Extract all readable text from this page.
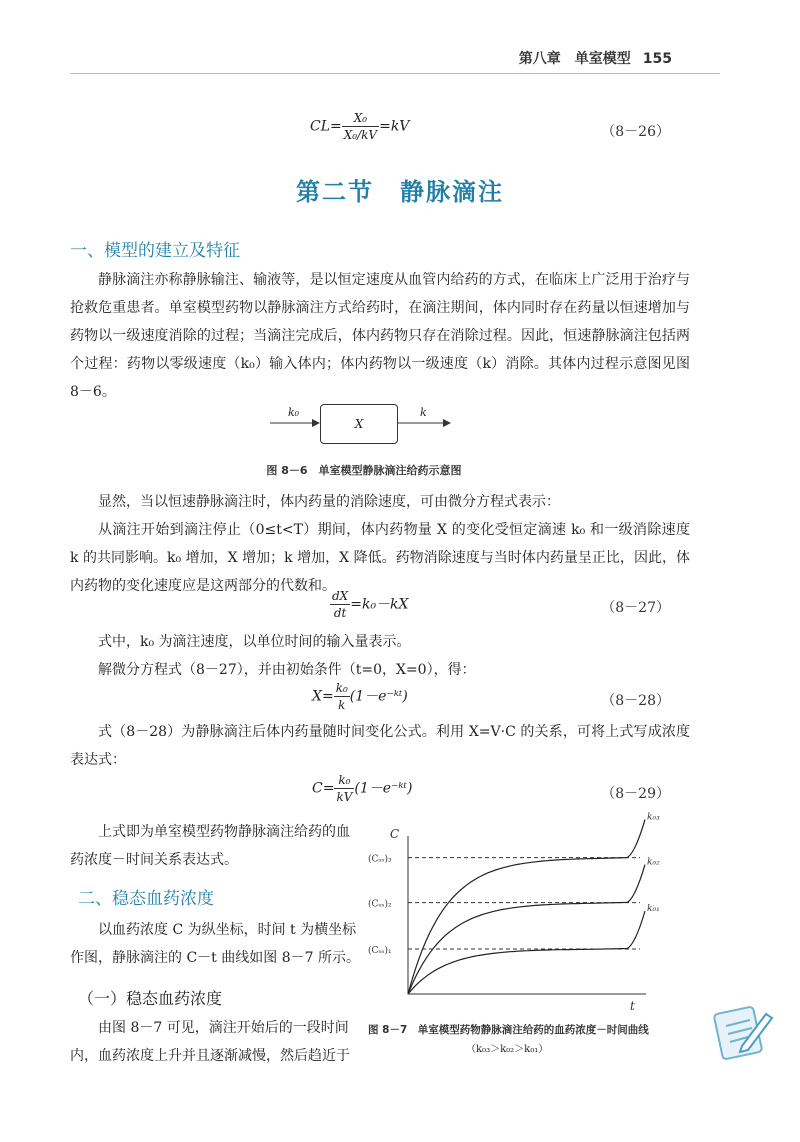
第八章　单室模型 155
$CL= \frac{\text{X₀}}{\text{X₀/kV}} =kV$	（8－26）
第二节　静脉滴注
一、模型的建立及特征

静脉滴注亦称静脉输注、输液等，是以恒定速度从血管内给药的方式，在临床上广泛用于治疗与抢救危重患者。单室模型药物以静脉滴注方式给药时，在滴注期间，体内同时存在药量以恒速增加与药物以一级速度消除的过程；当滴注完成后，体内药物只存在消除过程。因此，恒速静脉滴注包括两个过程：药物以零级速度（k₀）输入体内；体内药物以一级速度（k）消除。其体内过程示意图见图 8－6。

k₀
X
k
图 8－6　单室模型静脉滴注给药示意图

显然，当以恒速静脉滴注时，体内药量的消除速度，可由微分方程式表示：

从滴注开始到滴注停止（0≤t<T）期间，体内药物量 X 的变化受恒定滴速 k₀ 和一级消除速度 k 的共同影响。k₀ 增加，X 增加；k 增加，X 降低。药物消除速度与当时体内药量呈正比，因此，体内药物的变化速度应是这两部分的代数和。

$\frac{dX}{dt} =k_0-kX$	（8－27）

式中，k₀ 为滴注速度，以单位时间的输入量表示。

解微分方程式（8－27），并由初始条件（t=0，X=0），得：

$X= \frac{\text{k₀}}{k}$ (1－e⁻ᵏᵗ)	（8－28）

式（8－28）为静脉滴注后体内药量随时间变化公式。利用 X=V·C 的关系，可将上式写成浓度表达式：

$C= \frac{\text{k₀}}{kV}$ (1－e⁻ᵏᵗ)	（8－29）

上式即为单室模型药物静脉滴注给药的血药浓度－时间关系表达式。

二、稳态血药浓度

以血药浓度 C 为纵坐标，时间 t 为横坐标作图，静脉滴注的 C－t 曲线如图 8－7 所示。

（一）稳态血药浓度

由图 8－7 可见，滴注开始后的一段时间内，血药浓度上升并且逐渐减慢，然后趋近于

C
t
(Cₛₛ)₃
k₀₃
(Cₛₛ)₂
k₀₂
(Cₛₛ)₁
k₀₁
图 8－7　单室模型药物静脉滴注给药的血药浓度－时间曲线
（k₀₃＞k₀₂＞k₀₁）
